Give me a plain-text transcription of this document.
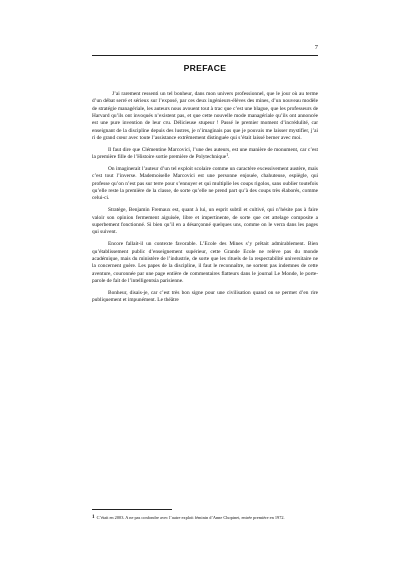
7
PREFACE

J’ai rarement ressenti un tel bonheur, dans mon univers professionnel, que le jour où au terme d’un débat serré et sérieux sur l’exposé, par ces deux ingénieurs-élèves des mines, d’un nouveau modèle de stratégie managériale, les auteurs nous avouent tout à trac que c’est une blague, que les professeurs de Harvard qu’ils ont invoqués n’existent pas, et que cette nouvelle mode managériale qu’ils ont annoncée est une pure invention de leur cru. Délicieuse stupeur ! Passé le premier moment d’incrédulité, car enseignant de la discipline depuis des lustres, je n’imaginais pas que je pouvais me laisser mystifier, j’ai ri de grand cœur avec toute l’assistance extrêmement distinguée qui s’était laissé berner avec moi.

Il faut dire que Clémentine Marcovici, l’une des auteurs, est une manière de monument, car c’est la première fille de l’Histoire sortie première de Polytechnique$^1$.

On imaginerait l’auteur d’un tel exploit scolaire comme un caractère excessivement austère, mais c’est tout l’inverse. Mademoiselle Marcovici est une personne enjouée, chahuteuse, espiègle, qui professe qu’on n’est pas sur terre pour s’ennuyer et qui multiplie les coups rigolos, sans oublier toutefois qu’elle reste la première de la classe, de sorte qu’elle ne prend part qu’à des coups très élaborés, comme celui-ci.

Stratège, Benjamin Fremaux est, quant à lui, un esprit subtil et cultivé, qui n’hésite pas à faire valoir son opinion fermement aiguisée, libre et impertinente, de sorte que cet attelage composite a superbement fonctionné. Si bien qu’il en a désarçonné quelques uns, comme on le verra dans les pages qui suivent.

Encore fallait-il un contexte favorable. L’Ecole des Mines s’y prêtait admirablement. Bien qu’établissement public d’enseignement supérieur, cette Grande Ecole ne relève pas du monde académique, mais du ministère de l’industrie, de sorte que les rituels de la respectabilité universitaire ne la concernent guère. Les papes de la discipline, il faut le reconnaître, ne sortent pas indemnes de cette aventure, couronnée par une page entière de commentaires flatteurs dans le journal Le Monde, le porte-parole de fait de l’intelligentsia parisienne.

Bonheur, disais-je, car c’est très bon signe pour une civilisation quand on se permet d’en rire publiquement et impunément. Le théâtre

1 C’était en 2003. A ne pas confondre avec l’autre exploit féminin d’Anne Chopinet, entrée première en 1972.
